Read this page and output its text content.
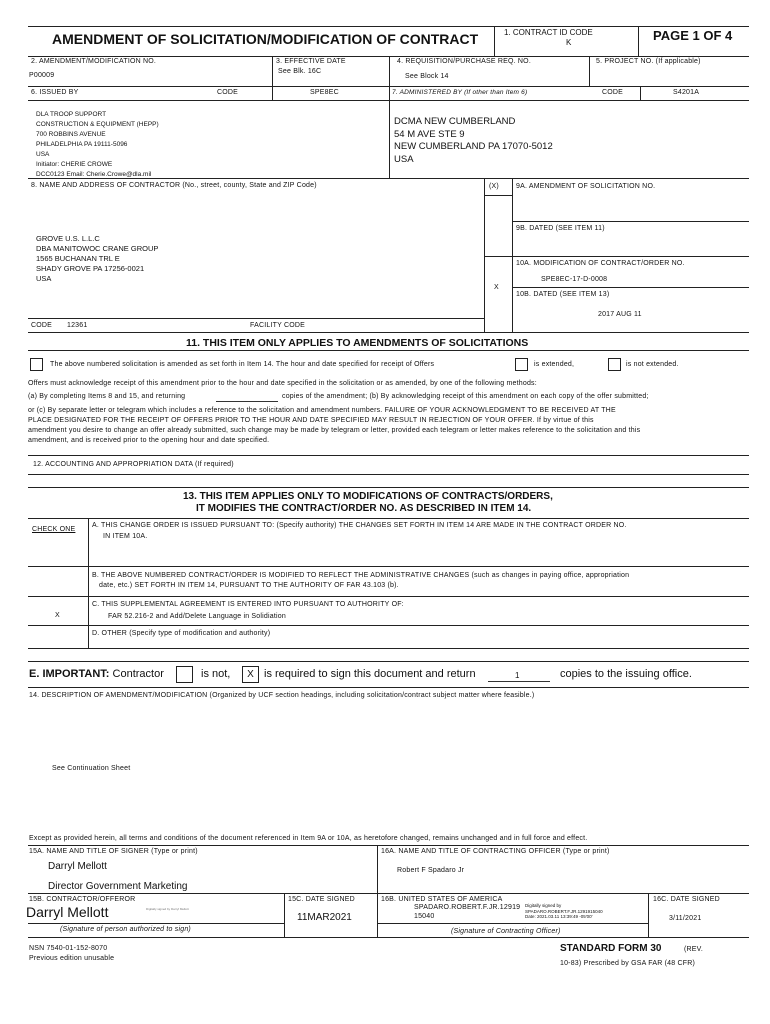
AMENDMENT OF SOLICITATION/MODIFICATION OF CONTRACT	1. CONTRACT ID CODE
K	PAGE 1 OF 4
2. AMENDMENT/MODIFICATION NO.
P00009
3. EFFECTIVE DATE
See Blk. 16C
4. REQUISITION/PURCHASE REQ. NO.
See Block 14
5. PROJECT NO. (If applicable)
6. ISSUED BY	CODE	SPE8EC	7. ADMINISTERED BY (If other than Item 6)	CODE	S4201A
DLA TROOP SUPPORT
CONSTRUCTION & EQUIPMENT (HEPP)
700 ROBBINS AVENUE
PHILADELPHIA PA 19111-5096
USA
Initiator: CHERIE CROWE
DCC0123 Email: Cherie.Crowe@dla.mil
DCMA NEW CUMBERLAND
54 M AVE STE 9
NEW CUMBERLAND PA 17070-5012
USA
8. NAME AND ADDRESS OF CONTRACTOR (No., street, county, State and ZIP Code)	(X) 9A. AMENDMENT OF SOLICITATION NO.
9B. DATED (SEE ITEM 11)
10A. MODIFICATION OF CONTRACT/ORDER NO.
SPE8EC-17-D-0008
X
10B. DATED (SEE ITEM 13)
2017 AUG 11
GROVE U.S. L.L.C
DBA MANITOWOC CRANE GROUP
1565 BUCHANAN TRL E
SHADY GROVE PA 17256-0021
USA
CODE 12361	FACILITY CODE
11. THIS ITEM ONLY APPLIES TO AMENDMENTS OF SOLICITATIONS
The above numbered solicitation is amended as set forth in Item 14. The hour and date specified for receipt of Offers	is extended,	is not extended.
Offers must acknowledge receipt of this amendment prior to the hour and date specified in the solicitation or as amended, by one of the following methods:
(a) By completing Items 8 and 15, and returning	copies of the amendment; (b) By acknowledging receipt of this amendment on each copy of the offer submitted;
or (c) By separate letter or telegram which includes a reference to the solicitation and amendment numbers. FAILURE OF YOUR ACKNOWLEDGMENT TO BE RECEIVED AT THE
PLACE DESIGNATED FOR THE RECEIPT OF OFFERS PRIOR TO THE HOUR AND DATE SPECIFIED MAY RESULT IN REJECTION OF YOUR OFFER. If by virtue of this
amendment you desire to change an offer already submitted, such change may be made by telegram or letter, provided each telegram or letter makes reference to the solicitation and this
amendment, and is received prior to the opening hour and date specified.
12. ACCOUNTING AND APPROPRIATION DATA (If required)
13. THIS ITEM APPLIES ONLY TO MODIFICATIONS OF CONTRACTS/ORDERS,
IT MODIFIES THE CONTRACT/ORDER NO. AS DESCRIBED IN ITEM 14.
CHECK ONE
A. THIS CHANGE ORDER IS ISSUED PURSUANT TO: (Specify authority) THE CHANGES SET FORTH IN ITEM 14 ARE MADE IN THE CONTRACT ORDER NO.
IN ITEM 10A.
B. THE ABOVE NUMBERED CONTRACT/ORDER IS MODIFIED TO REFLECT THE ADMINISTRATIVE CHANGES (such as changes in paying office, appropriation
date, etc.) SET FORTH IN ITEM 14, PURSUANT TO THE AUTHORITY OF FAR 43.103 (b).
C. THIS SUPPLEMENTAL AGREEMENT IS ENTERED INTO PURSUANT TO AUTHORITY OF:
X	FAR 52.216-2 and Add/Delete Language in Solidiation
D. OTHER (Specify type of modification and authority)
E. IMPORTANT: Contractor	is not,	X is required to sign this document and return	1	copies to the issuing office.
14. DESCRIPTION OF AMENDMENT/MODIFICATION (Organized by UCF section headings, including solicitation/contract subject matter where feasible.)
See Continuation Sheet
Except as provided herein, all terms and conditions of the document referenced in Item 9A or 10A, as heretofore changed, remains unchanged and in full force and effect.
15A. NAME AND TITLE OF SIGNER (Type or print)
Darryl Mellott
Director Government Marketing
16A. NAME AND TITLE OF CONTRACTING OFFICER (Type or print)
Robert F Spadaro Jr
15B. CONTRACTOR/OFFEROR
Darryl Mellott	Digitally signed by Darryl Mellott
15C. DATE SIGNED
11MAR2021
16B. UNITED STATES OF AMERICA
SPADARO.ROBERT.F.JR.12919
15040
Digitally signed by
SPADARO.ROBERT.F.JR.1291915040
Date: 2021.03.11 13:39:49 -05'00'
16C. DATE SIGNED
3/11/2021
(Signature of person authorized to sign)	(Signature of Contracting Officer)
NSN 7540-01-152-8070
Previous edition unusable
STANDARD FORM 30	(REV.
10-83) Prescribed by GSA FAR (48 CFR)
